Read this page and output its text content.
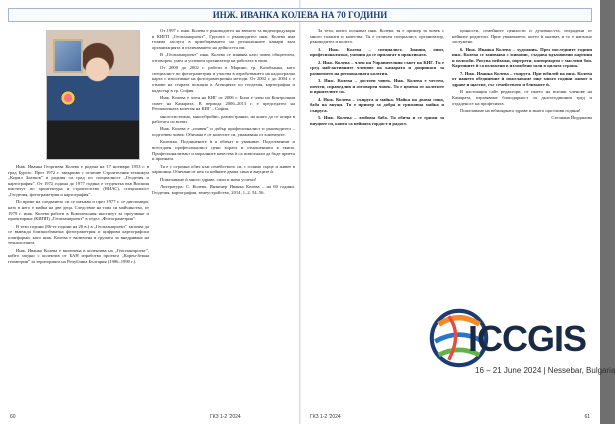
ИНЖ. ИВАНКА КОЛЕВА НА 70 ГОДИНИ

От 1997 г. инж. Колева е ръководител на звеното за видеопродукция в КИГП „Геопланпроект”. Групата с ръководител инж. Колева има голяма заслуга в приобщаването на регионалните камари към организацията и отличаването на дейността им.

В „Геопланпроект” инж. Колева се изявява като човек общителен, отговорен, умел и успешен организатор на работата в екип.

От 2000 до 2002 г. работи в Марино, гр. Казабланка, като специалист по фотограметрия и участва в изработването на кадастрална карта с използване на фотограметрични методи. От 2002 г. до 2004 г. е отново на старата позиция в Агенцията по геодезия, картография и кадастър в гр. София.

Инж. Колева е член на КИГ от 2006 г. Била е член на Контролния съвет на Камарата. В периода 2006–2013 г. е председател на Регионалната колегия на КИГ – София.

многосистемно, многобройно, разностранно, на която да се опира в работата си всеки.

Инж. Колева е „изявен” и добър професионалист и ръководител – подготвен човек. Обичана е от колегите си, уважавана от клиентите.

Колежка. Подчинените ѝ я обичат и уважават. Подготвеният и всеотдаен професионалист цени хората и отношенията в екипа. Професионализмът и моралните качества ѝ са помогнали да бъде приета и призната.

Тя е с огромна обич към семейството си, с голямо сърце и живее в хармония. Обичани от нея са нейните двама сина и внуците ѝ.

Пожелаваме ѝ много здраве, сили и нови успехи!

Литература: С. Колева. Инженер Иванка Колева – на 60 години. Геодезия, картография, земеустройство, 2014, 1–2, 54–56.

Инж. Иванка Георгиева Колева е родена на 17 ноември 1953 г. в град Бургас. През 1972 г. завършва с отличие Строителния техникум „Кирил Златков” в родния си град по специалност „Геодезия и картография”. От 1972 година до 1977 година е студентка във Висшия институт по архитектура и строителство (ВИАС), специалност „Геодезия, фотограметрия и картография”.

По време на следването си се омъжва и през 1977 г. се дипломира, като в него е майка на две деца. Следствие на това си майчинство, от 1979 г. инж. Колева работи в Комплексния институт за проучване и проектиране (КИПП) „Геопланпроект” в отдел „Фотограметрия”.

В тези години (86-те години на 20 в.) в „Геопланпроект” започва да се въвежда близкообхватна фотограметрия и цифрови картографски платформи, като инж. Колева е включена в групата за внедряване на технологията.

Инж. Иванка Колева е включена в колектива на „Геопланпроект”, който заедно с колектив от БАН изработва проекта „Корен-Земна геометрия” за територията на Република България (1986–1990 г.).

За тези, които познават инж. Колева, тя е пример за човек с много таланти и качества. Тя е отличен специалист, организатор, ръководител и колега.

1. Инж. Колева – специалист. Знания, опит, професионализъм, умения да се прилагат в практиката.

2. Инж. Колева – член на Управителния съвет на КИГ. Тя е сред най-активните членове на камарата и допринася за развитието на регионалната колегия.

3. Инж. Колева – достоен човек. Инж. Колева е честен, почтен, справедлив и отговорен човек. Тя е ценена от колегите и приятелите си.

4. Инж. Колева – съпруга и майка. Майка на двама сина, баба на внуци. Тя е пример за добра и грижовна майка и съпруга.

5. Инж. Колева – любима баба. Тя обича и се грижи за внуците си, които са нейната гордост и радост.

ценности, семейните ценности и духовността, изградени от нейните родители. Прие уважението, което ѝ оказват, и то е напълно заслужено.

6. Инж. Иванка Колева – художник. През последните години инж. Колева се занимава с живопис, създава вдъхновени картини и изложби. Рисува пейзажи, портрети, натюрморти с маслени бои. Картините ѝ са изложени в изложбени зали в цялата страна.

7. Инж. Иванка Колева – съпруга. При юбилей на инж. Колева от нашето обединение ѝ пожелаваме още много години живот в здраве и щастие, със семейството и близките ѝ.

В настоящия сайт редактори, от името на всички членове на Камарата, изразяваме благодарност за дългогодишния труд и отдаденост на професията.

Пожелаваме на юбилярката здраве и много щастливи години!

Стелиана Йорданова

ICCGIS
16 – 21 June 2024 | Nessebar, Bulgaria
60	ГКЗ 1-2 '2024	ГКЗ 1-2 '2024	61
